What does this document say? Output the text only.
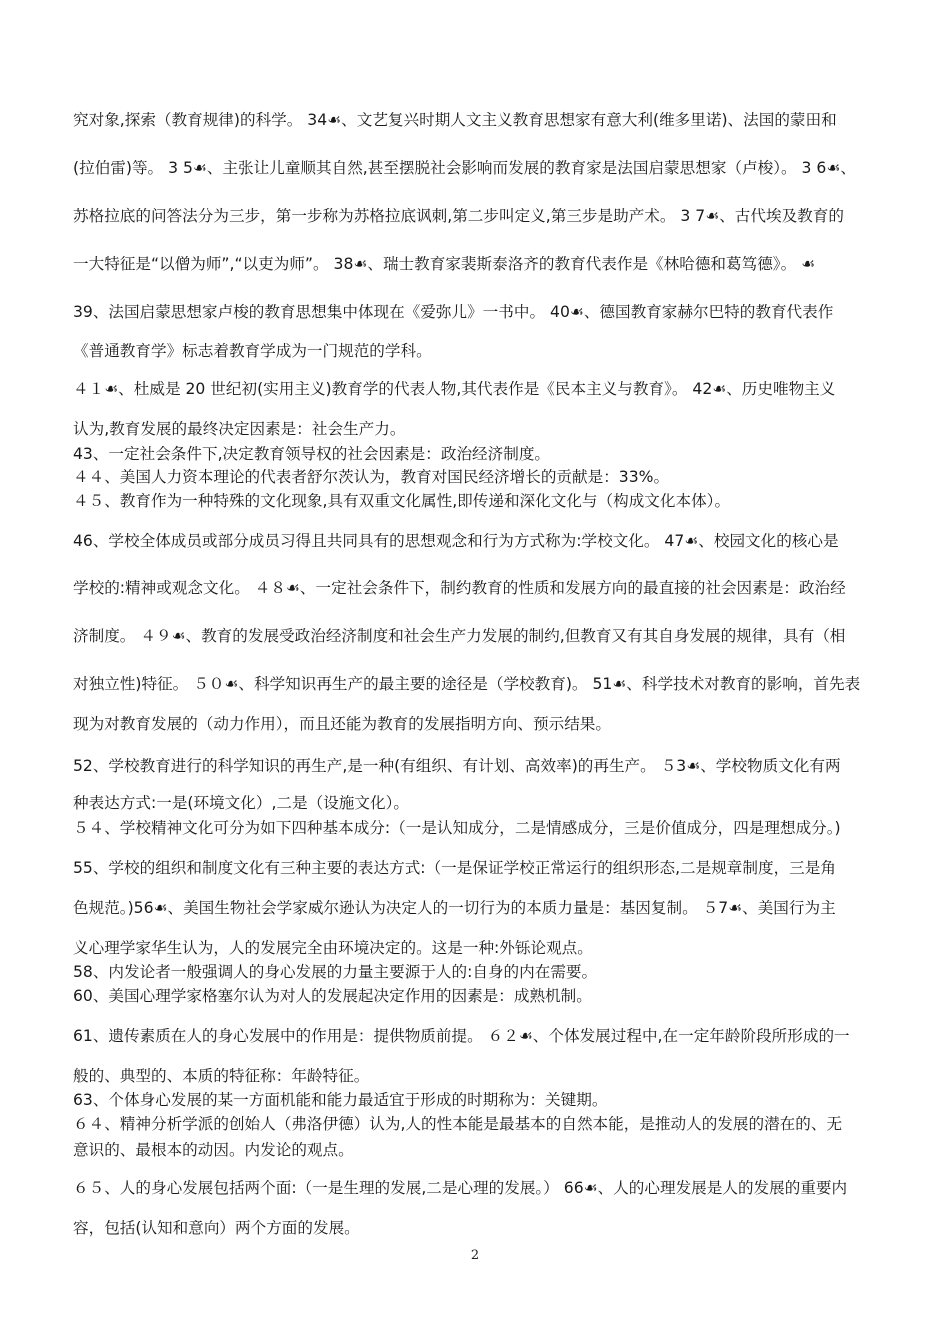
究对象,探索（教育规律)的科学。 34☙、文艺复兴时期人文主义教育思想家有意大利(维多里诺)、法国的蒙田和
(拉伯雷)等。 3 5☙、主张让儿童顺其自然,甚至摆脱社会影响而发展的教育家是法国启蒙思想家（卢梭）。 3 6☙、
苏格拉底的问答法分为三步，第一步称为苏格拉底讽刺,第二步叫定义,第三步是助产术。 3 7☙、古代埃及教育的
一大特征是“以僧为师”,“以吏为师”。 38☙、瑞士教育家裴斯泰洛齐的教育代表作是《林哈德和葛笃德》。 ☙
39、法国启蒙思想家卢梭的教育思想集中体现在《爱弥儿》一书中。 40☙、德国教育家赫尔巴特的教育代表作
《普通教育学》标志着教育学成为一门规范的学科。
４１☙、杜威是 20 世纪初(实用主义)教育学的代表人物,其代表作是《民本主义与教育》。 42☙、历史唯物主义
认为,教育发展的最终决定因素是：社会生产力。
43、一定社会条件下,决定教育领导权的社会因素是：政治经济制度。
４４、美国人力资本理论的代表者舒尔茨认为，教育对国民经济增长的贡献是：33%。
４５、教育作为一种特殊的文化现象,具有双重文化属性,即传递和深化文化与（构成文化本体）。
46、学校全体成员或部分成员习得且共同具有的思想观念和行为方式称为:学校文化。 47☙、校园文化的核心是
学校的:精神或观念文化。 ４８☙、一定社会条件下，制约教育的性质和发展方向的最直接的社会因素是：政治经
济制度。 ４９☙、教育的发展受政治经济制度和社会生产力发展的制约,但教育又有其自身发展的规律，具有（相
对独立性)特征。 ５０☙、科学知识再生产的最主要的途径是（学校教育)。 51☙、科学技术对教育的影响，首先表
现为对教育发展的（动力作用），而且还能为教育的发展指明方向、预示结果。
52、学校教育进行的科学知识的再生产,是一种(有组织、有计划、高效率)的再生产。 ５3☙、学校物质文化有两
种表达方式:一是(环境文化）,二是（设施文化）。
５４、学校精神文化可分为如下四种基本成分:（一是认知成分，二是情感成分，三是价值成分，四是理想成分。)
55、学校的组织和制度文化有三种主要的表达方式:（一是保证学校正常运行的组织形态,二是规章制度，三是角
色规范。)56☙、美国生物社会学家威尔逊认为决定人的一切行为的本质力量是：基因复制。 ５7☙、美国行为主
义心理学家华生认为，人的发展完全由环境决定的。这是一种:外铄论观点。
58、内发论者一般强调人的身心发展的力量主要源于人的:自身的内在需要。
60、美国心理学家格塞尔认为对人的发展起决定作用的因素是：成熟机制。
61、遗传素质在人的身心发展中的作用是：提供物质前提。 ６２☙、个体发展过程中,在一定年龄阶段所形成的一
般的、典型的、本质的特征称：年龄特征。
63、个体身心发展的某一方面机能和能力最适宜于形成的时期称为：关键期。
６４、精神分析学派的创始人（弗洛伊德）认为,人的性本能是最基本的自然本能，是推动人的发展的潜在的、无
意识的、最根本的动因。内发论的观点。
６５、人的身心发展包括两个面:（一是生理的发展,二是心理的发展。） 66☙、人的心理发展是人的发展的重要内
容，包括(认知和意向）两个方面的发展。
2
